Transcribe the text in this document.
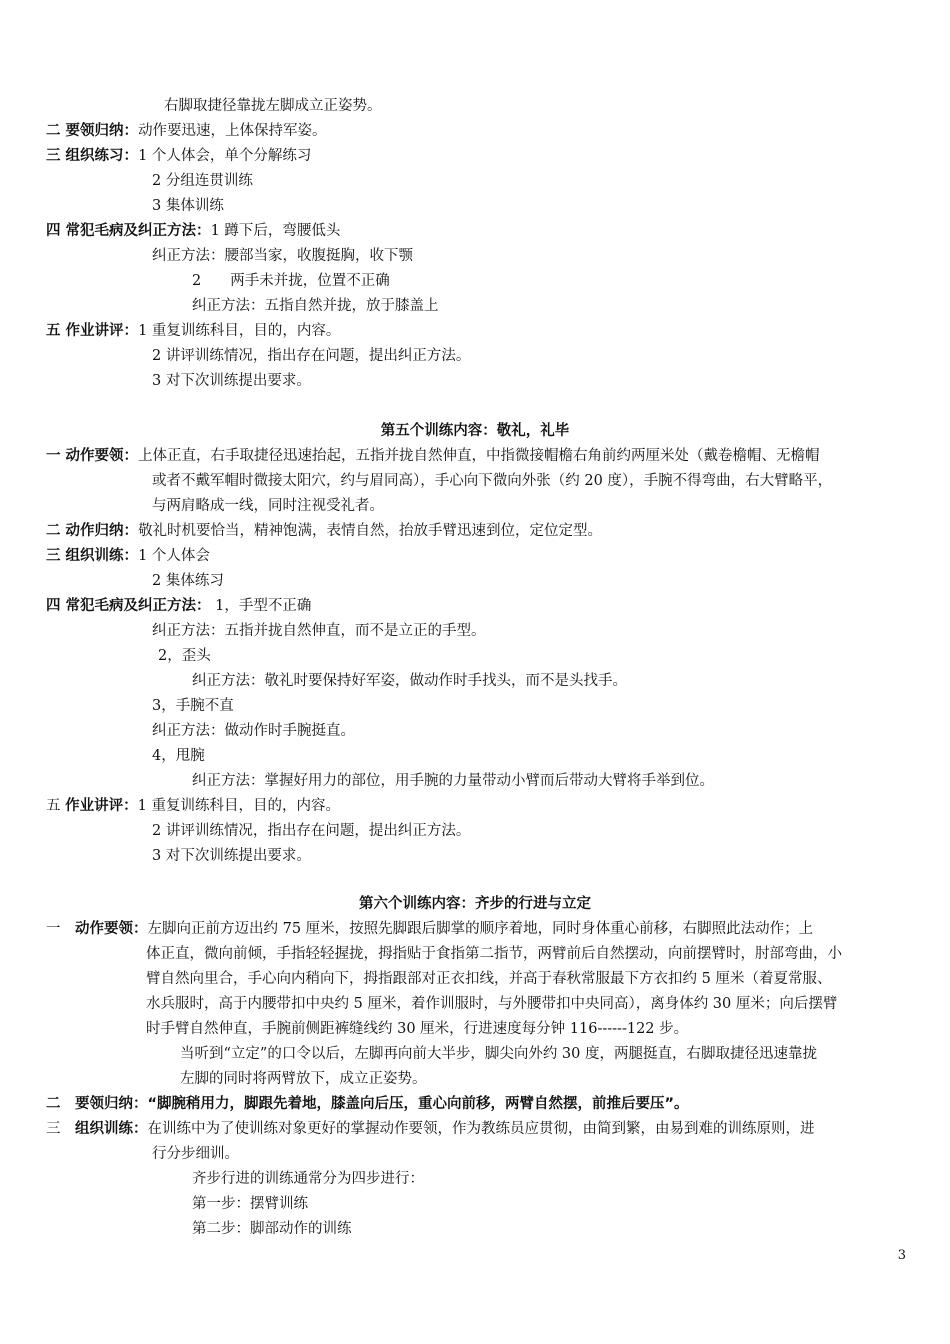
右脚取捷径靠拢左脚成立正姿势。
二 要领归纳：动作要迅速，上体保持军姿。
三 组织练习：1 个人体会，单个分解练习
2 分组连贯训练
3 集体训练
四 常犯毛病及纠正方法：1 蹲下后，弯腰低头
纠正方法：腰部当家，收腹挺胸，收下颚
2　　两手未并拢，位置不正确
纠正方法：五指自然并拢，放于膝盖上
五 作业讲评：1 重复训练科目，目的，内容。
2 讲评训练情况，指出存在问题，提出纠正方法。
3 对下次训练提出要求。
第五个训练内容：敬礼，礼毕
一 动作要领：上体正直，右手取捷径迅速抬起，五指并拢自然伸直，中指微接帽檐右角前约两厘米处（戴卷檐帽、无檐帽
或者不戴军帽时微接太阳穴，约与眉同高），手心向下微向外张（约 20 度），手腕不得弯曲，右大臂略平，
与两肩略成一线，同时注视受礼者。
二 动作归纳：敬礼时机要恰当，精神饱满，表情自然，抬放手臂迅速到位，定位定型。
三 组织训练：1 个人体会
2 集体练习
四 常犯毛病及纠正方法： 1，手型不正确
纠正方法：五指并拢自然伸直，而不是立正的手型。
2，歪头
纠正方法：敬礼时要保持好军姿，做动作时手找头，而不是头找手。
3，手腕不直
纠正方法：做动作时手腕挺直。
4，甩腕
纠正方法：掌握好用力的部位，用手腕的力量带动小臂而后带动大臂将手举到位。
五 作业讲评：1 重复训练科目，目的，内容。
2 讲评训练情况，指出存在问题，提出纠正方法。
3 对下次训练提出要求。
第六个训练内容：齐步的行进与立定
一　动作要领：左脚向正前方迈出约 75 厘米，按照先脚跟后脚掌的顺序着地，同时身体重心前移，右脚照此法动作；上
体正直，微向前倾，手指轻轻握拢，拇指贴于食指第二指节，两臂前后自然摆动，向前摆臂时，肘部弯曲，小
臂自然向里合，手心向内稍向下，拇指跟部对正衣扣线，并高于春秋常服最下方衣扣约 5 厘米（着夏常服、
水兵服时，高于内腰带扣中央约 5 厘米，着作训服时，与外腰带扣中央同高），离身体约 30 厘米；向后摆臂
时手臂自然伸直，手腕前侧距裤缝线约 30 厘米，行进速度每分钟 116------122 步。
当听到“立定”的口令以后，左脚再向前大半步，脚尖向外约 30 度，两腿挺直，右脚取捷径迅速靠拢
左脚的同时将两臂放下，成立正姿势。
二　要领归纳：“脚腕稍用力，脚跟先着地，膝盖向后压，重心向前移，两臂自然摆，前推后要压”。
三　组织训练：在训练中为了使训练对象更好的掌握动作要领，作为教练员应贯彻，由简到繁，由易到难的训练原则，进
行分步细训。
齐步行进的训练通常分为四步进行：
第一步：摆臂训练
第二步：脚部动作的训练
3
